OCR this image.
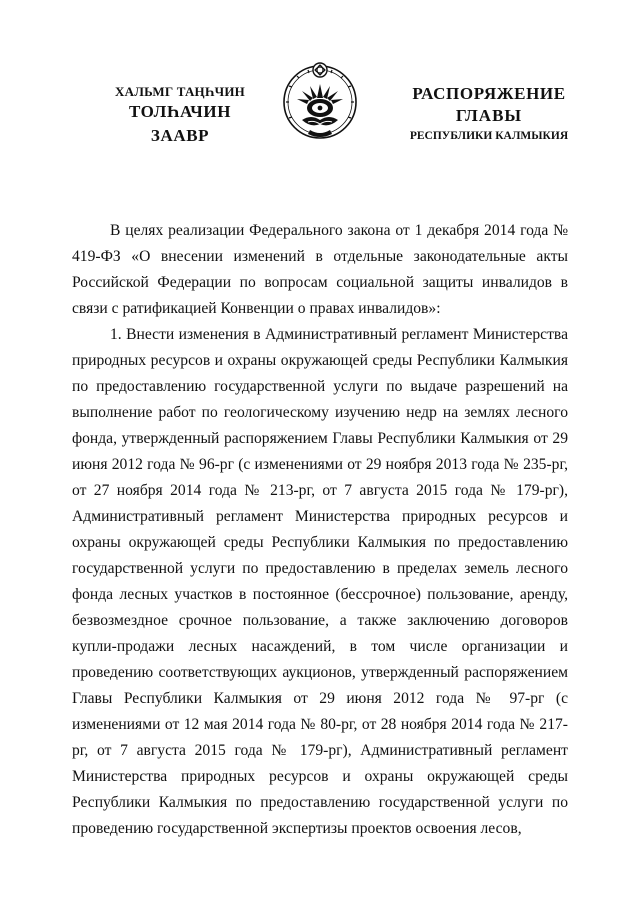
ХАЛЬМГ ТАҢҺЧИН
ТОЛҺАЧИН
ЗААВР
РАСПОРЯЖЕНИЕ
ГЛАВЫ
РЕСПУБЛИКИ КАЛМЫКИЯ

В целях реализации Федерального закона от 1 декабря 2014 года № 419-ФЗ «О внесении изменений в отдельные законодательные акты Российской Федерации по вопросам социальной защиты инвалидов в связи с ратификацией Конвенции о правах инвалидов»:

1. Внести изменения в Административный регламент Министерства природных ресурсов и охраны окружающей среды Республики Калмыкия по предоставлению государственной услуги по выдаче разрешений на выполнение работ по геологическому изучению недр на землях лесного фонда, утвержденный распоряжением Главы Республики Калмыкия от 29 июня 2012 года № 96-рг (с изменениями от 29 ноября 2013 года № 235-рг, от 27 ноября 2014 года № 213-рг, от 7 августа 2015 года № 179-рг), Административный регламент Министерства природных ресурсов и охраны окружающей среды Республики Калмыкия по предоставлению государственной услуги по предоставлению в пределах земель лесного фонда лесных участков в постоянное (бессрочное) пользование, аренду, безвозмездное срочное пользование, а также заключению договоров купли-продажи лесных насаждений, в том числе организации и проведению соответствующих аукционов, утвержденный распоряжением Главы Республики Калмыкия от 29 июня 2012 года № 97-рг (с изменениями от 12 мая 2014 года № 80-рг, от 28 ноября 2014 года № 217-рг, от 7 августа 2015 года № 179-рг), Административный регламент Министерства природных ресурсов и охраны окружающей среды Республики Калмыкия по предоставлению государственной услуги по проведению государственной экспертизы проектов освоения лесов,
